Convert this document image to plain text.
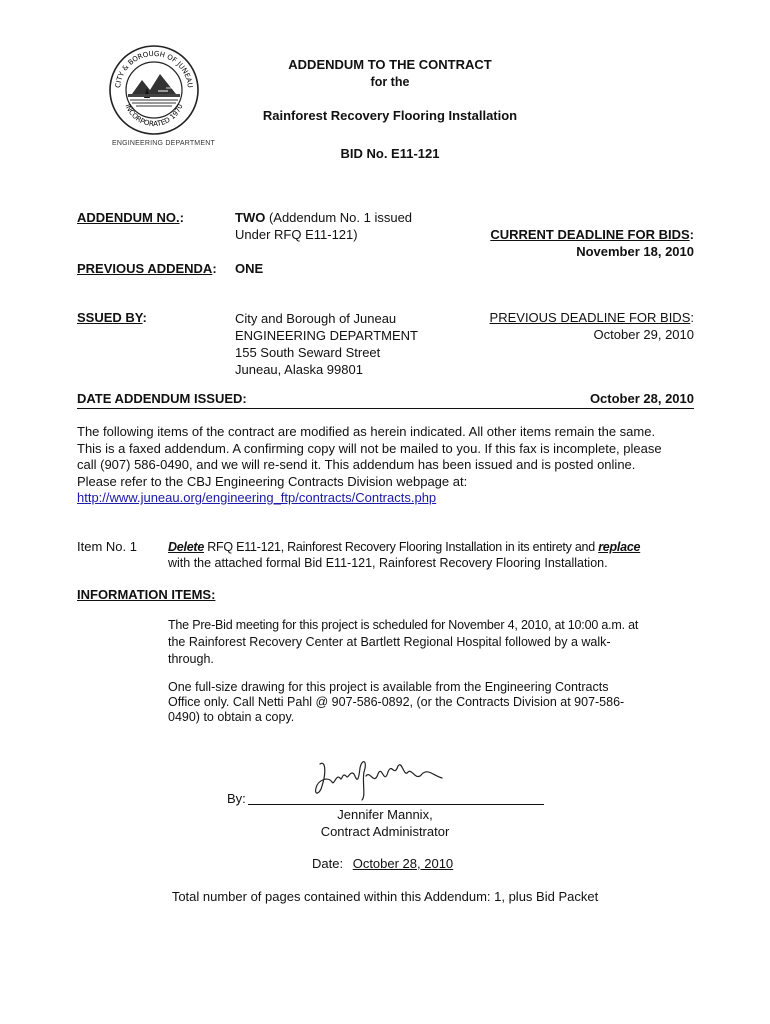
CITY & BOROUGH OF JUNEAU
INCORPORATED 1970
ENGINEERING DEPARTMENT
ADDENDUM TO THE CONTRACT
for the
Rainforest Recovery Flooring Installation
BID No. E11-121
ADDENDUM NO.:	TWO (Addendum No. 1 issued
Under RFQ E11-121)	CURRENT DEADLINE FOR BIDS:
November 18, 2010
PREVIOUS ADDENDA: ONE
SSUED BY:	City and Borough of Juneau
ENGINEERING DEPARTMENT
155 South Seward Street
Juneau, Alaska 99801
PREVIOUS DEADLINE FOR BIDS:
October 29, 2010
DATE ADDENDUM ISSUED:	October 28, 2010
The following items of the contract are modified as herein indicated. All other items remain the same.
This is a faxed addendum. A confirming copy will not be mailed to you. If this fax is incomplete, please
call (907) 586-0490, and we will re-send it. This addendum has been issued and is posted online.
Please refer to the CBJ Engineering Contracts Division webpage at:
http://www.juneau.org/engineering_ftp/contracts/Contracts.php
Item No. 1 Delete RFQ E11-121, Rainforest Recovery Flooring Installation in its entirety and replace
with the attached formal Bid E11-121, Rainforest Recovery Flooring Installation.
INFORMATION ITEMS:
The Pre-Bid meeting for this project is scheduled for November 4, 2010, at 10:00 a.m. at
the Rainforest Recovery Center at Bartlett Regional Hospital followed by a walk-
through.
One full-size drawing for this project is available from the Engineering Contracts
Office only. Call Netti Pahl @ 907-586-0892, (or the Contracts Division at 907-586-
0490) to obtain a copy.
By:
Jennifer Mannix,
Contract Administrator
Date: October 28, 2010
Total number of pages contained within this Addendum: 1, plus Bid Packet
